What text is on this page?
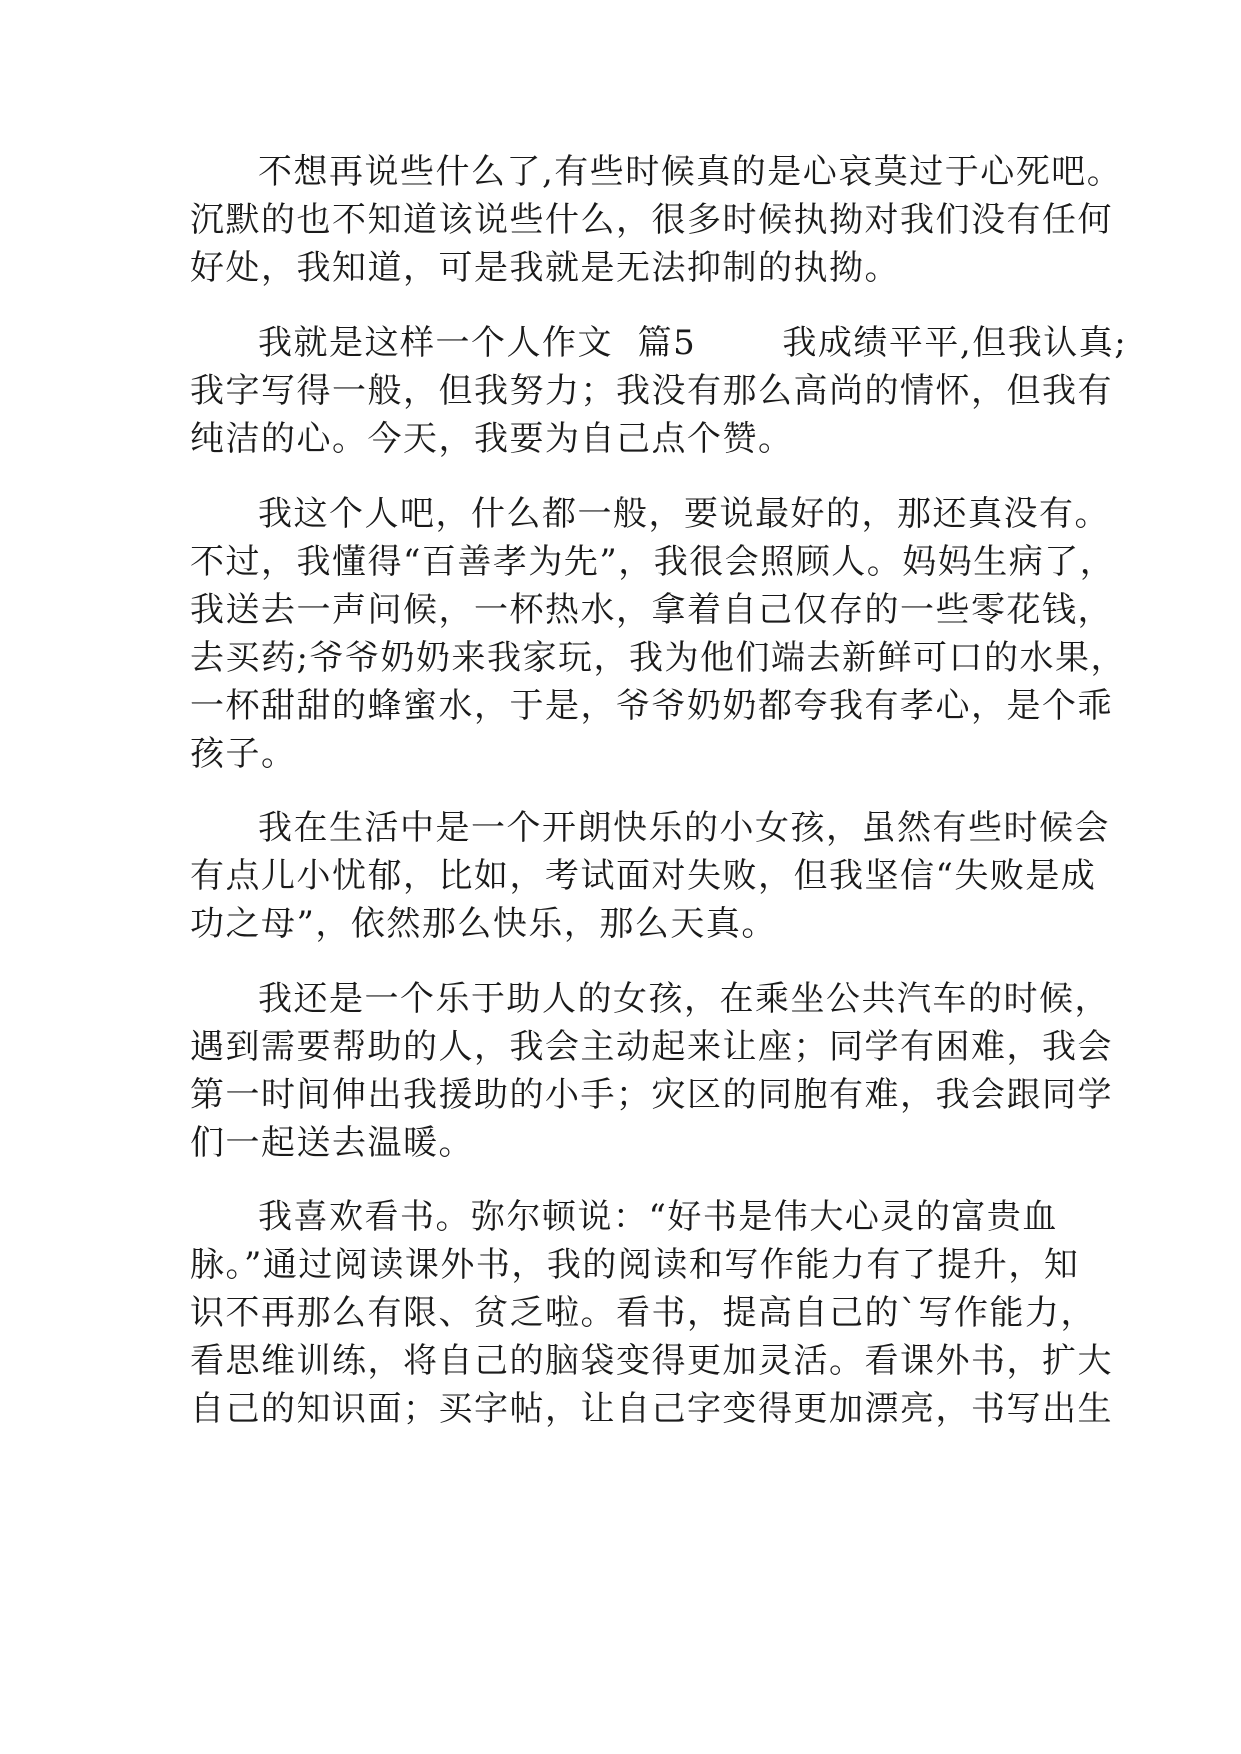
不想再说些什么了,有些时候真的是心哀莫过于心死吧。
沉默的也不知道该说些什么，很多时候执拗对我们没有任何
好处，我知道，可是我就是无法抑制的执拗。
我就是这样一个人作文  篇5       我成绩平平,但我认真;
我字写得一般，但我努力；我没有那么高尚的情怀，但我有
纯洁的心。今天，我要为自己点个赞。
我这个人吧，什么都一般，要说最好的，那还真没有。
不过，我懂得“百善孝为先”，我很会照顾人。妈妈生病了，
我送去一声问候，一杯热水，拿着自己仅存的一些零花钱，
去买药;爷爷奶奶来我家玩，我为他们端去新鲜可口的水果，
一杯甜甜的蜂蜜水，于是，爷爷奶奶都夸我有孝心，是个乖
孩子。
我在生活中是一个开朗快乐的小女孩，虽然有些时候会
有点儿小忧郁，比如，考试面对失败，但我坚信“失败是成
功之母”，依然那么快乐，那么天真。
我还是一个乐于助人的女孩，在乘坐公共汽车的时候，
遇到需要帮助的人，我会主动起来让座；同学有困难，我会
第一时间伸出我援助的小手；灾区的同胞有难，我会跟同学
们一起送去温暖。
我喜欢看书。弥尔顿说：“好书是伟大心灵的富贵血
脉。”通过阅读课外书，我的阅读和写作能力有了提升，知
识不再那么有限、贫乏啦。看书，提高自己的`写作能力，
看思维训练，将自己的脑袋变得更加灵活。看课外书，扩大
自己的知识面；买字帖，让自己字变得更加漂亮，书写出生
